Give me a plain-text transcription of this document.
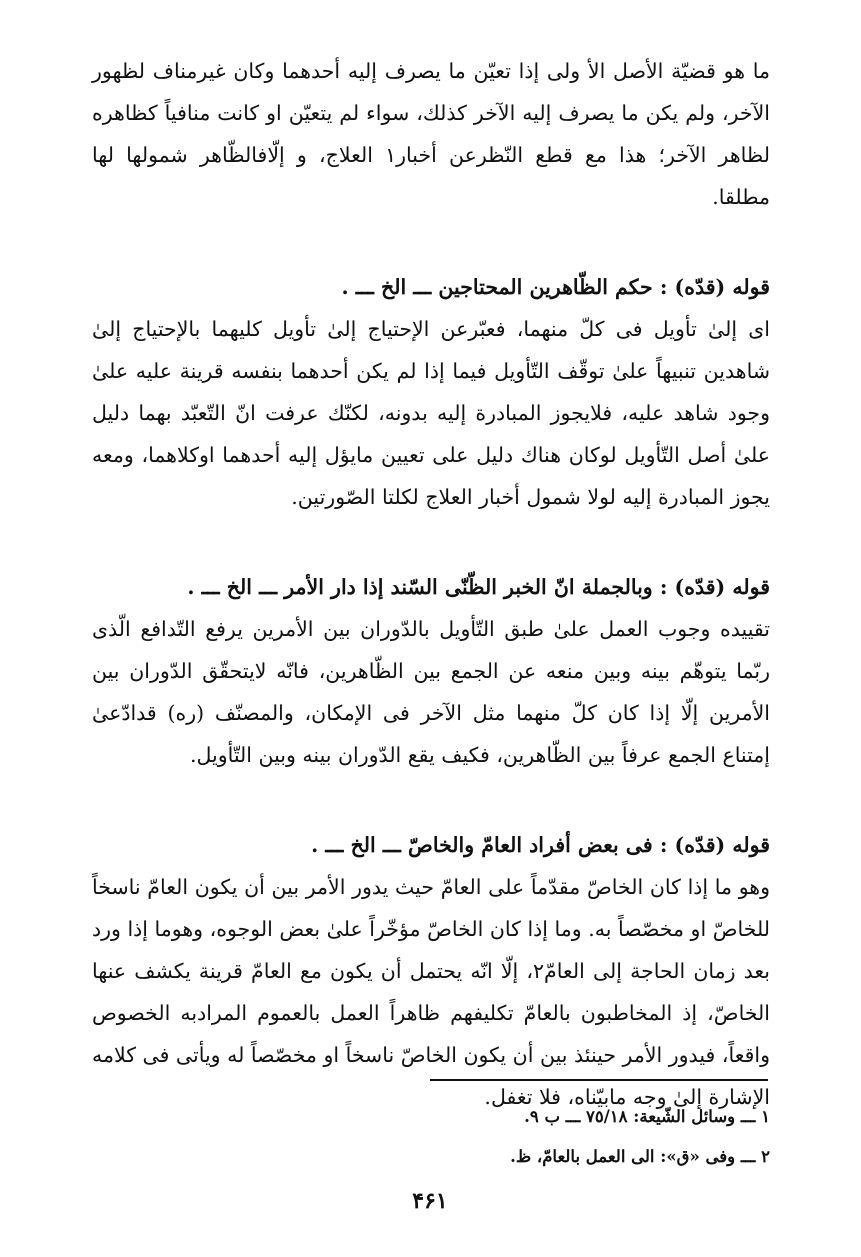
ما هو قضيّة الأصل الأ ولى إذا تعيّن ما يصرف إليه أحدهما وكان غيرمناف لظهور الآخر، ولم يكن ما يصرف إليه الآخر كذلك، سواء لم يتعيّن او كانت منافياً كظاهره لظاهر الآخر؛ هذا مع قطع النّظرعن أخبار١ العلاج، و إلّافالظّاهر شمولها لها مطلقا.

قوله (قدّه) : حكم الظّاهرين المحتاجين ـــ الخ ـــ .

اى إلىٰ تأويل فى كلّ منهما، فعبّرعن الإحتياج إلىٰ تأويل كليهما بالإحتياج إلىٰ شاهدين تنبيهاً علىٰ توقّف التّأويل فيما إذا لم يكن أحدهما بنفسه قرينة عليه علىٰ وجود شاهد عليه، فلايجوز المبادرة إليه بدونه، لكنّك عرفت انّ التّعبّد بهما دليل علىٰ أصل التّأويل لوكان هناك دليل على تعيين مايؤل إليه أحدهما اوكلاهما، ومعه يجوز المبادرة إليه لولا شمول أخبار العلاج لكلتا الصّورتين.

قوله (قدّه) : وبالجملة انّ الخبر الظّنّى السّند إذا دار الأمر ـــ الخ ـــ .

تقييده وجوب العمل علىٰ طبق التّأويل بالدّوران بين الأمرين يرفع التّدافع الّذى ربّما يتوهّم بينه وبين منعه عن الجمع بين الظّاهرين، فانّه لايتحقّق الدّوران بين الأمرين إلّا إذا كان كلّ منهما مثل الآخر فى الإمكان، والمصنّف (ره) قدادّعىٰ إمتناع الجمع عرفاً بين الظّاهرين، فكيف يقع الدّوران بينه وبين التّأويل.

قوله (قدّه) : فى بعض أفراد العامّ والخاصّ ـــ الخ ـــ .

وهو ما إذا كان الخاصّ مقدّماً على العامّ حيث يدور الأمر بين أن يكون العامّ ناسخاً للخاصّ او مخصّصاً به. وما إذا كان الخاصّ مؤخّراً علىٰ بعض الوجوه، وهوما إذا ورد بعد زمان الحاجة إلى العامّ٢، إلّا انّه يحتمل أن يكون مع العامّ قرينة يكشف عنها الخاصّ، إذ المخاطبون بالعامّ تكليفهم ظاهراً العمل بالعموم المرادبه الخصوص واقعاً، فيدور الأمر حينئذ بين أن يكون الخاصّ ناسخاً او مخصّصاً له ويأتى فى كلامه الإشارة إلىٰ وجه مابيّناه، فلا تغفل.

١ ـــ وسائل الشّيعة: ٧٥/١٨ ـــ ب ٩.

٢ ـــ وفى «ق»: الى العمل بالعامّ، ظ.

۴۶۱
